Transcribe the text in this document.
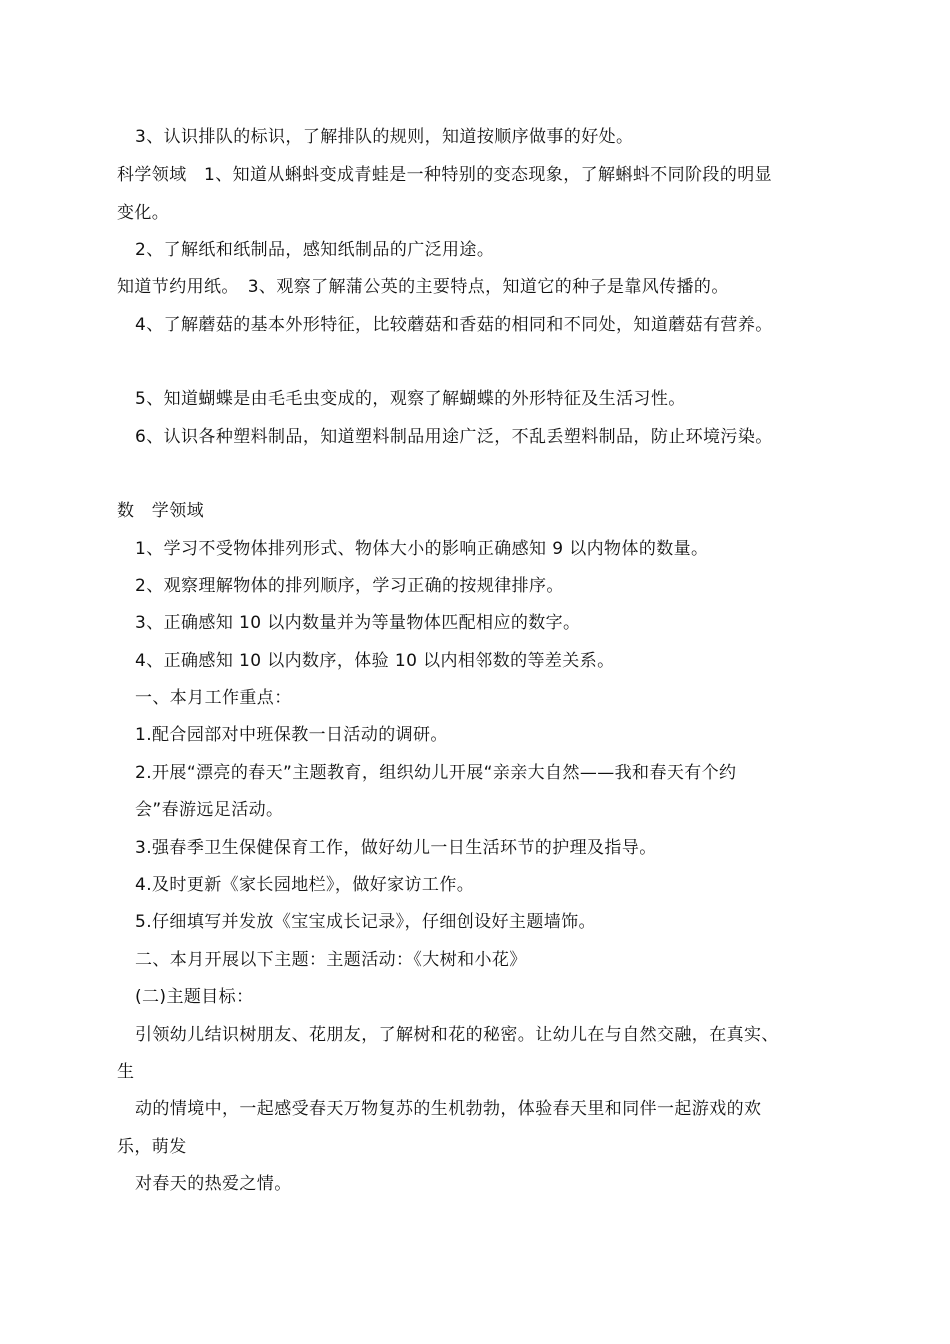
3、认识排队的标识，了解排队的规则，知道按顺序做事的好处。

科学领域　1、知道从蝌蚪变成青蛙是一种特别的变态现象，了解蝌蚪不同阶段的明显

变化。

2、了解纸和纸制品，感知纸制品的广泛用途。

知道节约用纸。　3、观察了解蒲公英的主要特点，知道它的种子是靠风传播的。

4、了解蘑菇的基本外形特征，比较蘑菇和香菇的相同和不同处，知道蘑菇有营养。

5、知道蝴蝶是由毛毛虫变成的，观察了解蝴蝶的外形特征及生活习性。

6、认识各种塑料制品，知道塑料制品用途广泛，不乱丢塑料制品，防止环境污染。

数　学领域

1、学习不受物体排列形式、物体大小的影响正确感知 9 以内物体的数量。

2、观察理解物体的排列顺序，学习正确的按规律排序。

3、正确感知 10 以内数量并为等量物体匹配相应的数字。

4、正确感知 10 以内数序，体验 10 以内相邻数的等差关系。

一、本月工作重点：

1.配合园部对中班保教一日活动的调研。

2.开展“漂亮的春天”主题教育，组织幼儿开展“亲亲大自然——我和春天有个约

会”春游远足活动。

3.强春季卫生保健保育工作，做好幼儿一日生活环节的护理及指导。

4.及时更新《家长园地栏》，做好家访工作。

5.仔细填写并发放《宝宝成长记录》，仔细创设好主题墙饰。

二、本月开展以下主题：主题活动：《大树和小花》

(二)主题目标：

引领幼儿结识树朋友、花朋友，了解树和花的秘密。让幼儿在与自然交融，在真实、

生

动的情境中，一起感受春天万物复苏的生机勃勃，体验春天里和同伴一起游戏的欢

乐，萌发

对春天的热爱之情。
